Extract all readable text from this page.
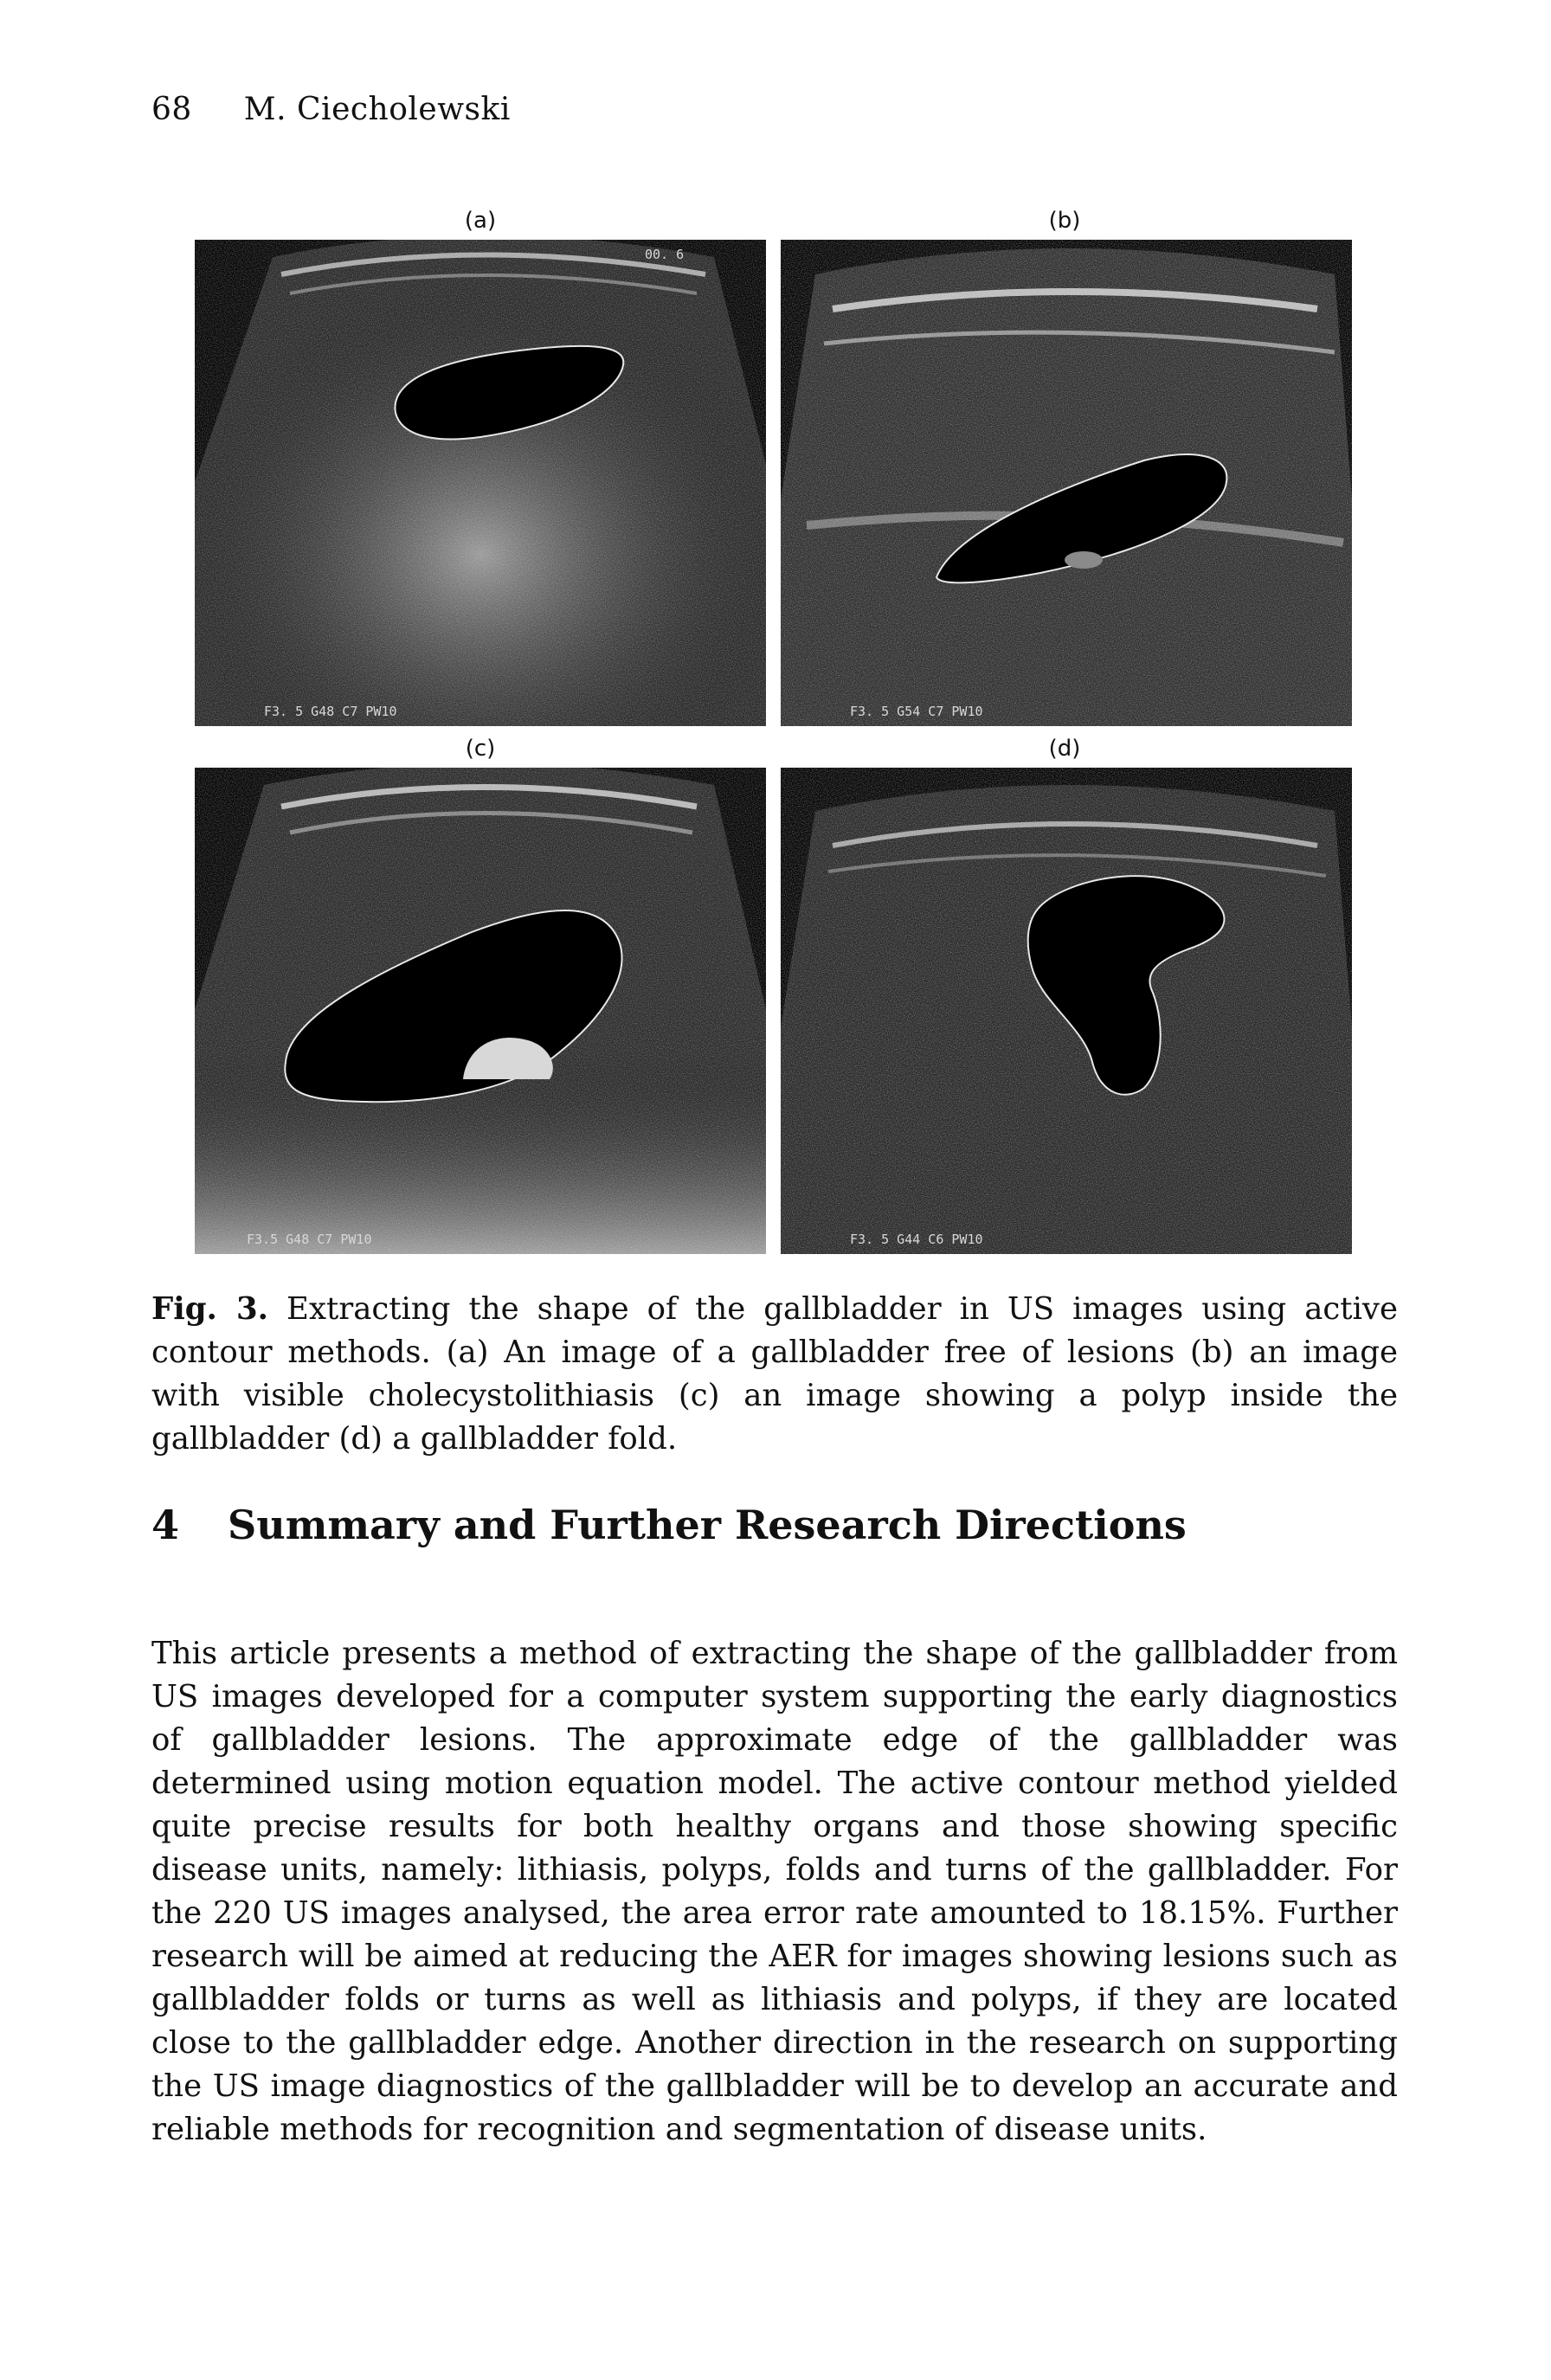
68 M. Ciecholewski
(a)
00. 6
F3. 5 G48 C7 PW10
(b)
F3. 5 G54 C7 PW10
(c)
F3.5 G48 C7 PW10
(d)
F3. 5 G44 C6 PW10
Fig. 3. Extracting the shape of the gallbladder in US images using active contour methods. (a) An image of a gallbladder free of lesions (b) an image with visible cholecystolithiasis (c) an image showing a polyp inside the gallbladder (d) a gallbladder fold.
4 Summary and Further Research Directions

This article presents a method of extracting the shape of the gallbladder from US images developed for a computer system supporting the early diagnostics of gallbladder lesions. The approximate edge of the gallbladder was determined using motion equation model. The active contour method yielded quite precise results for both healthy organs and those showing specific disease units, namely: lithiasis, polyps, folds and turns of the gallbladder. For the 220 US images analysed, the area error rate amounted to 18.15%. Further research will be aimed at reducing the AER for images showing lesions such as gallbladder folds or turns as well as lithiasis and polyps, if they are located close to the gallbladder edge. Another direction in the research on supporting the US image diagnostics of the gallbladder will be to develop an accurate and reliable methods for recognition and segmentation of disease units.
